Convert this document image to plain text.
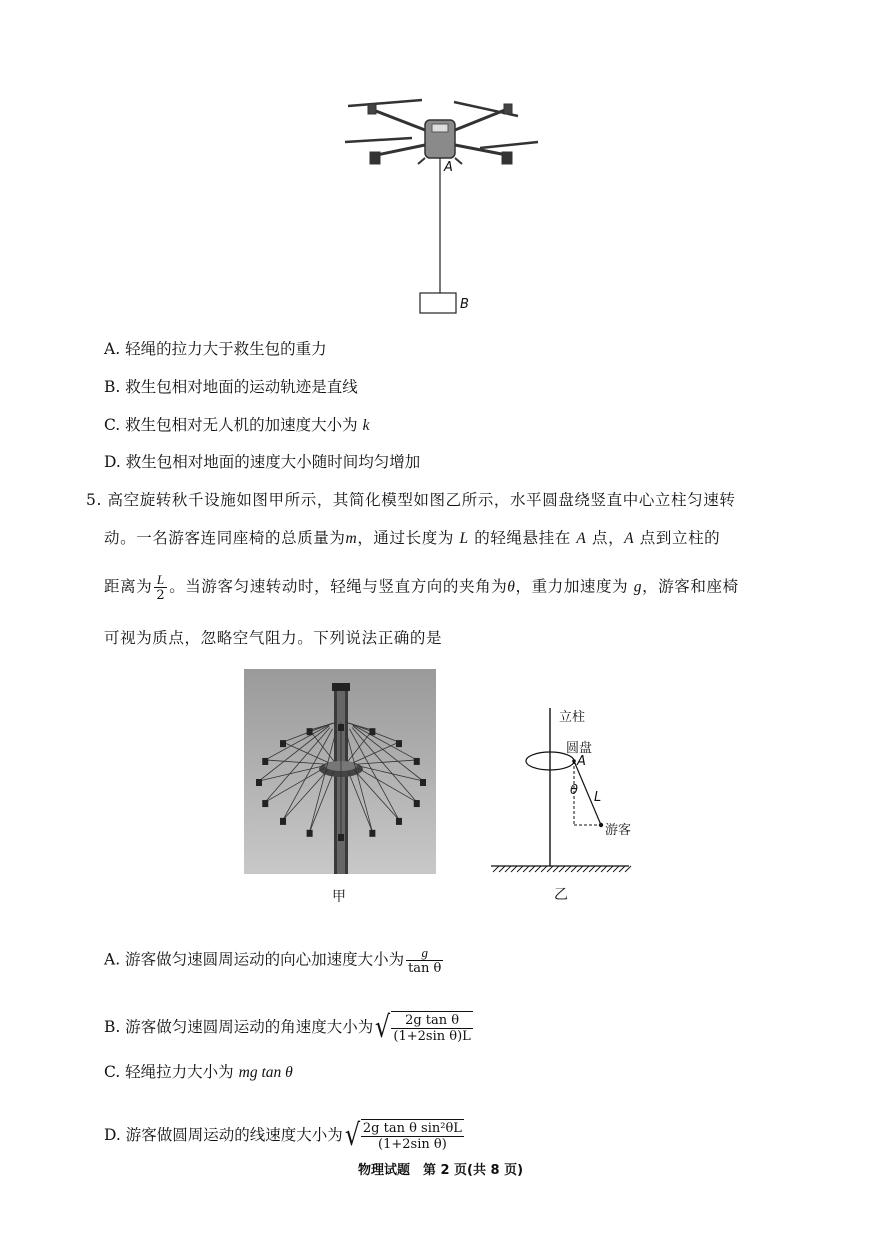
A
B
A. 轻绳的拉力大于救生包的重力
B. 救生包相对地面的运动轨迹是直线
C. 救生包相对无人机的加速度大小为 k
D. 救生包相对地面的速度大小随时间均匀增加
5. 高空旋转秋千设施如图甲所示，其简化模型如图乙所示，水平圆盘绕竖直中心立柱匀速转
动。一名游客连同座椅的总质量为m，通过长度为 L 的轻绳悬挂在 A 点，A 点到立柱的
距离为 $\frac{L}{2}$ 。当游客匀速转动时，轻绳与竖直方向的夹角为θ，重力加速度为 g，游客和座椅
可视为质点，忽略空气阻力。下列说法正确的是
甲
立柱
圆盘
A
θ L
游客
乙
A. 游客做匀速圆周运动的向心加速度大小为 $\frac{g}{\text{tan θ}}$
B. 游客做匀速圆周运动的角速度大小为 √ $\frac{\text{2g tan θ}}{\text{(1+2sin θ)L}}$
C. 轻绳拉力大小为 mg tan θ
D. 游客做圆周运动的线速度大小为 √ $\frac{\text{2g tan θ sin²θL}}{\text{(1+2sin θ)}}$
物理试题　第 2 页(共 8 页)
